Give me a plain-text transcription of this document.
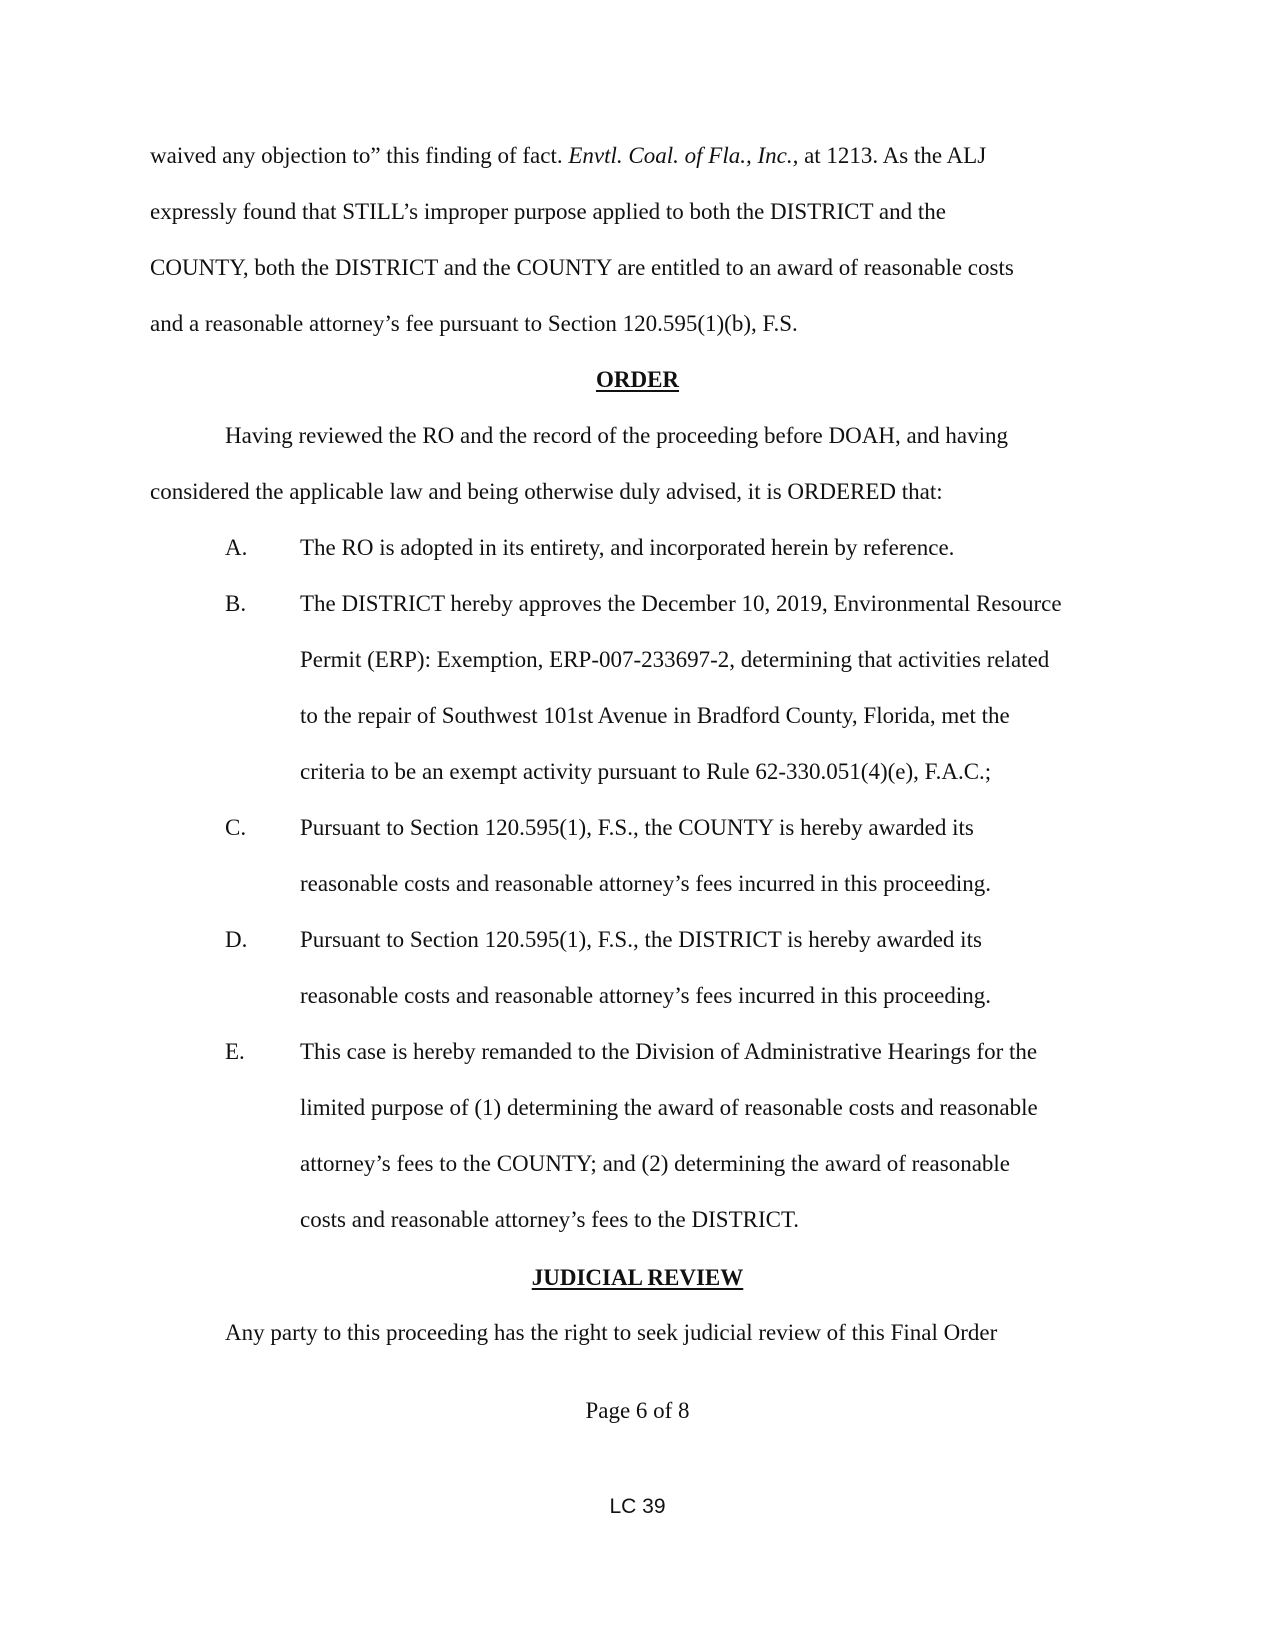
waived any objection to” this finding of fact. Envtl. Coal. of Fla., Inc., at 1213. As the ALJ
expressly found that STILL’s improper purpose applied to both the DISTRICT and the
COUNTY, both the DISTRICT and the COUNTY are entitled to an award of reasonable costs
and a reasonable attorney’s fee pursuant to Section 120.595(1)(b), F.S.
ORDER
Having reviewed the RO and the record of the proceeding before DOAH, and having
considered the applicable law and being otherwise duly advised, it is ORDERED that:
A. The RO is adopted in its entirety, and incorporated herein by reference.
B. The DISTRICT hereby approves the December 10, 2019, Environmental Resource
Permit (ERP): Exemption, ERP-007-233697-2, determining that activities related
to the repair of Southwest 101st Avenue in Bradford County, Florida, met the
criteria to be an exempt activity pursuant to Rule 62-330.051(4)(e), F.A.C.;
C. Pursuant to Section 120.595(1), F.S., the COUNTY is hereby awarded its
reasonable costs and reasonable attorney’s fees incurred in this proceeding.
D. Pursuant to Section 120.595(1), F.S., the DISTRICT is hereby awarded its
reasonable costs and reasonable attorney’s fees incurred in this proceeding.
E. This case is hereby remanded to the Division of Administrative Hearings for the
limited purpose of (1) determining the award of reasonable costs and reasonable
attorney’s fees to the COUNTY; and (2) determining the award of reasonable
costs and reasonable attorney’s fees to the DISTRICT.
JUDICIAL REVIEW
Any party to this proceeding has the right to seek judicial review of this Final Order
Page 6 of 8
LC 39
